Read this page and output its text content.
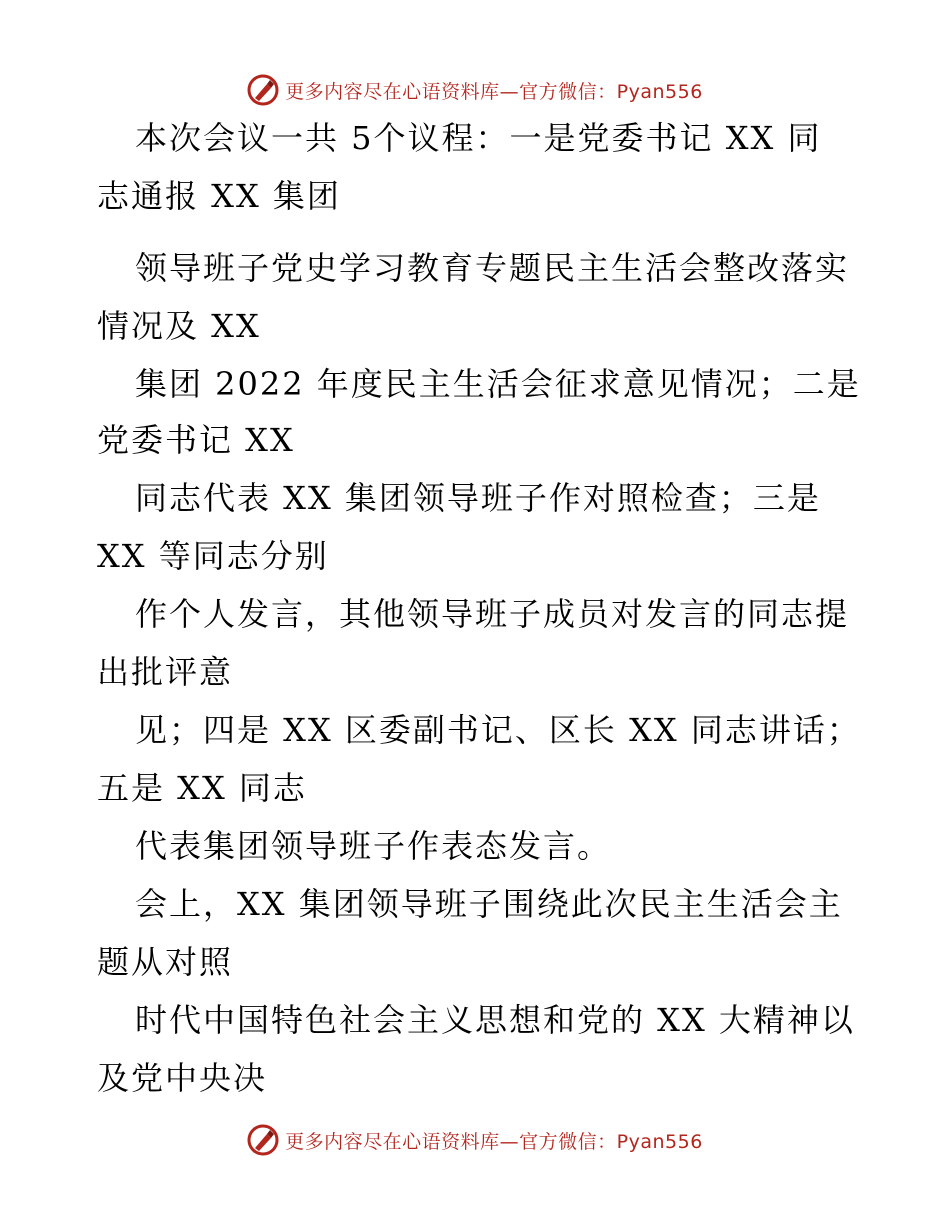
更多内容尽在心语资料库—官方微信：Pyan556
本次会议一共 5个议程：一是党委书记 XX 同
志通报 XX 集团
领导班子党史学习教育专题民主生活会整改落实
情况及 XX
集团 2022 年度民主生活会征求意见情况；二是
党委书记 XX
同志代表 XX 集团领导班子作对照检查；三是
XX 等同志分别
作个人发言，其他领导班子成员对发言的同志提
出批评意
见；四是 XX 区委副书记、区长 XX 同志讲话；
五是 XX 同志
代表集团领导班子作表态发言。
会上，XX 集团领导班子围绕此次民主生活会主
题从对照
时代中国特色社会主义思想和党的 XX 大精神以
及党中央决
更多内容尽在心语资料库—官方微信：Pyan556
